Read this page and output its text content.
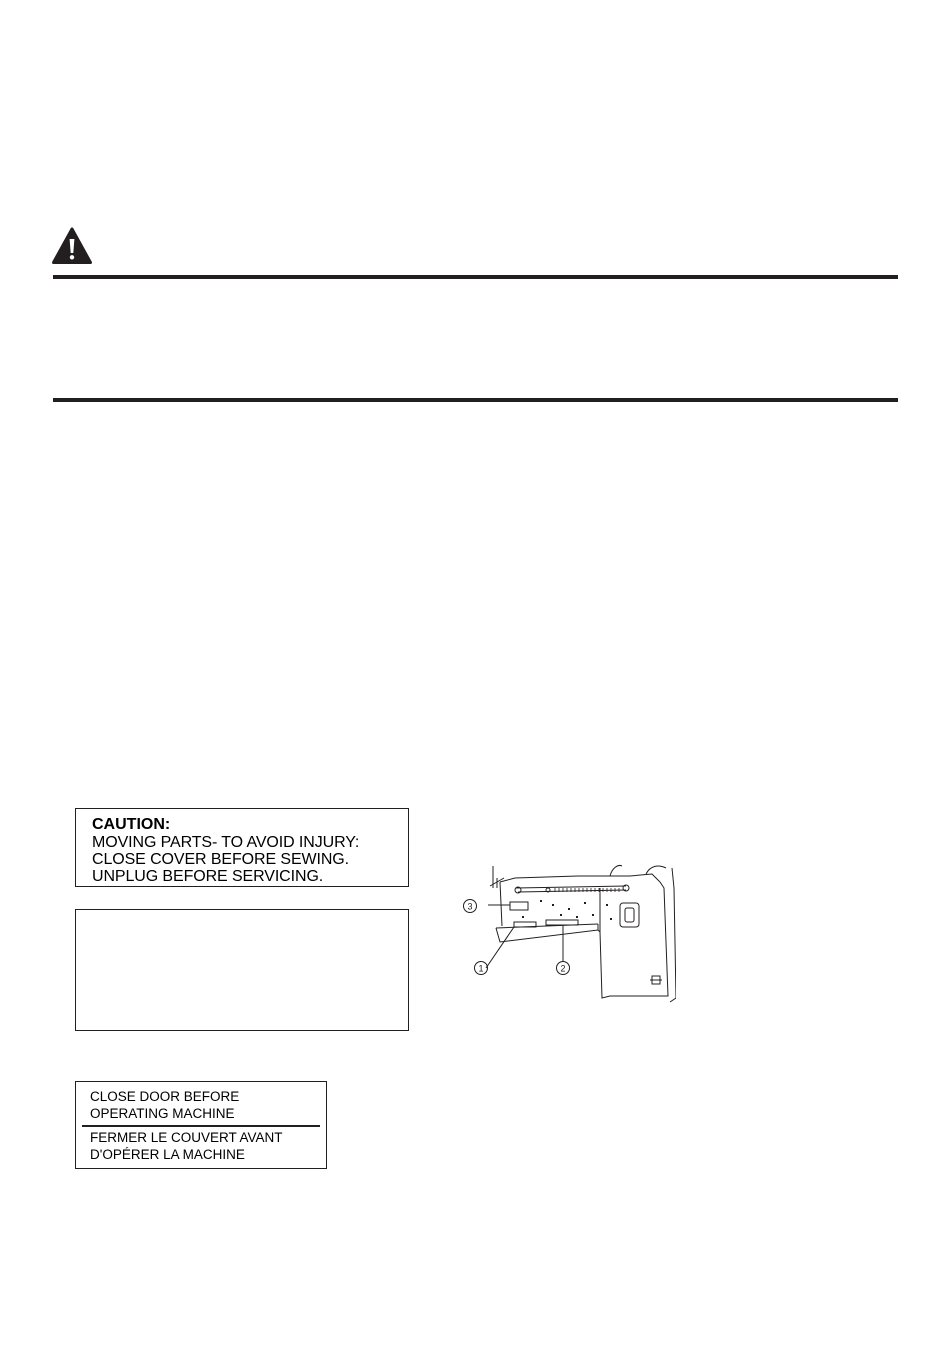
CAUTION:
MOVING PARTS- TO AVOID INJURY:
CLOSE COVER BEFORE SEWING.
UNPLUG BEFORE SERVICING.
CLOSE DOOR BEFORE
OPERATING MACHINE
FERMER LE COUVERT AVANT
D'OPÉRER LA MACHINE
3
1	2
